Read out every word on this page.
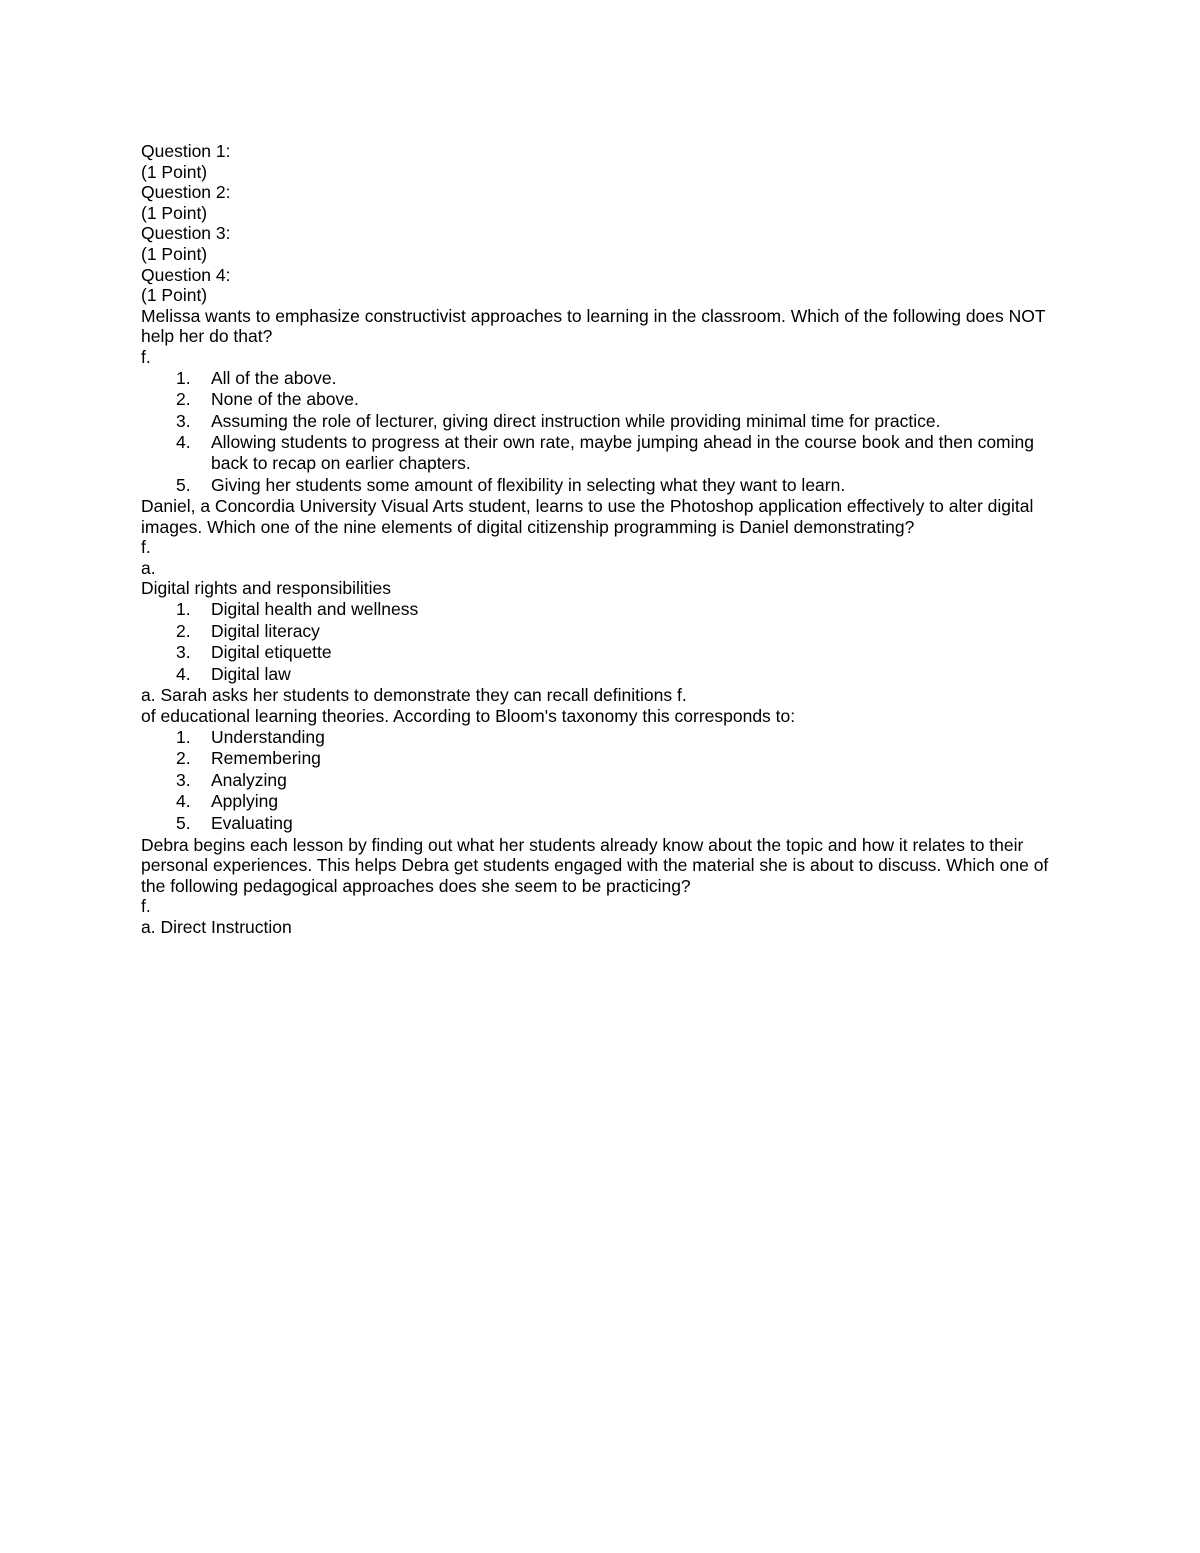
Question 1:

(1 Point)

Question 2:

(1 Point)

Question 3:

(1 Point)

Question 4:

(1 Point)

Melissa wants to emphasize constructivist approaches to learning in the classroom. Which of the following does NOT help her do that?

f.

1. All of the above.
2. None of the above.
3. Assuming the role of lecturer, giving direct instruction while providing minimal time for practice.
4. Allowing students to progress at their own rate, maybe jumping ahead in the course book and then coming back to recap on earlier chapters.
5. Giving her students some amount of flexibility in selecting what they want to learn.

Daniel, a Concordia University Visual Arts student, learns to use the Photoshop application effectively to alter digital images. Which one of the nine elements of digital citizenship programming is Daniel demonstrating?

f.

a.

Digital rights and responsibilities

1. Digital health and wellness
2. Digital literacy
3. Digital etiquette
4. Digital law

a. Sarah asks her students to demonstrate they can recall definitions f.

of educational learning theories. According to Bloom's taxonomy this corresponds to:

1. Understanding
2. Remembering
3. Analyzing
4. Applying
5. Evaluating

Debra begins each lesson by finding out what her students already know about the topic and how it relates to their personal experiences. This helps Debra get students engaged with the material she is about to discuss. Which one of the following pedagogical approaches does she seem to be practicing?

f.

a. Direct Instruction
